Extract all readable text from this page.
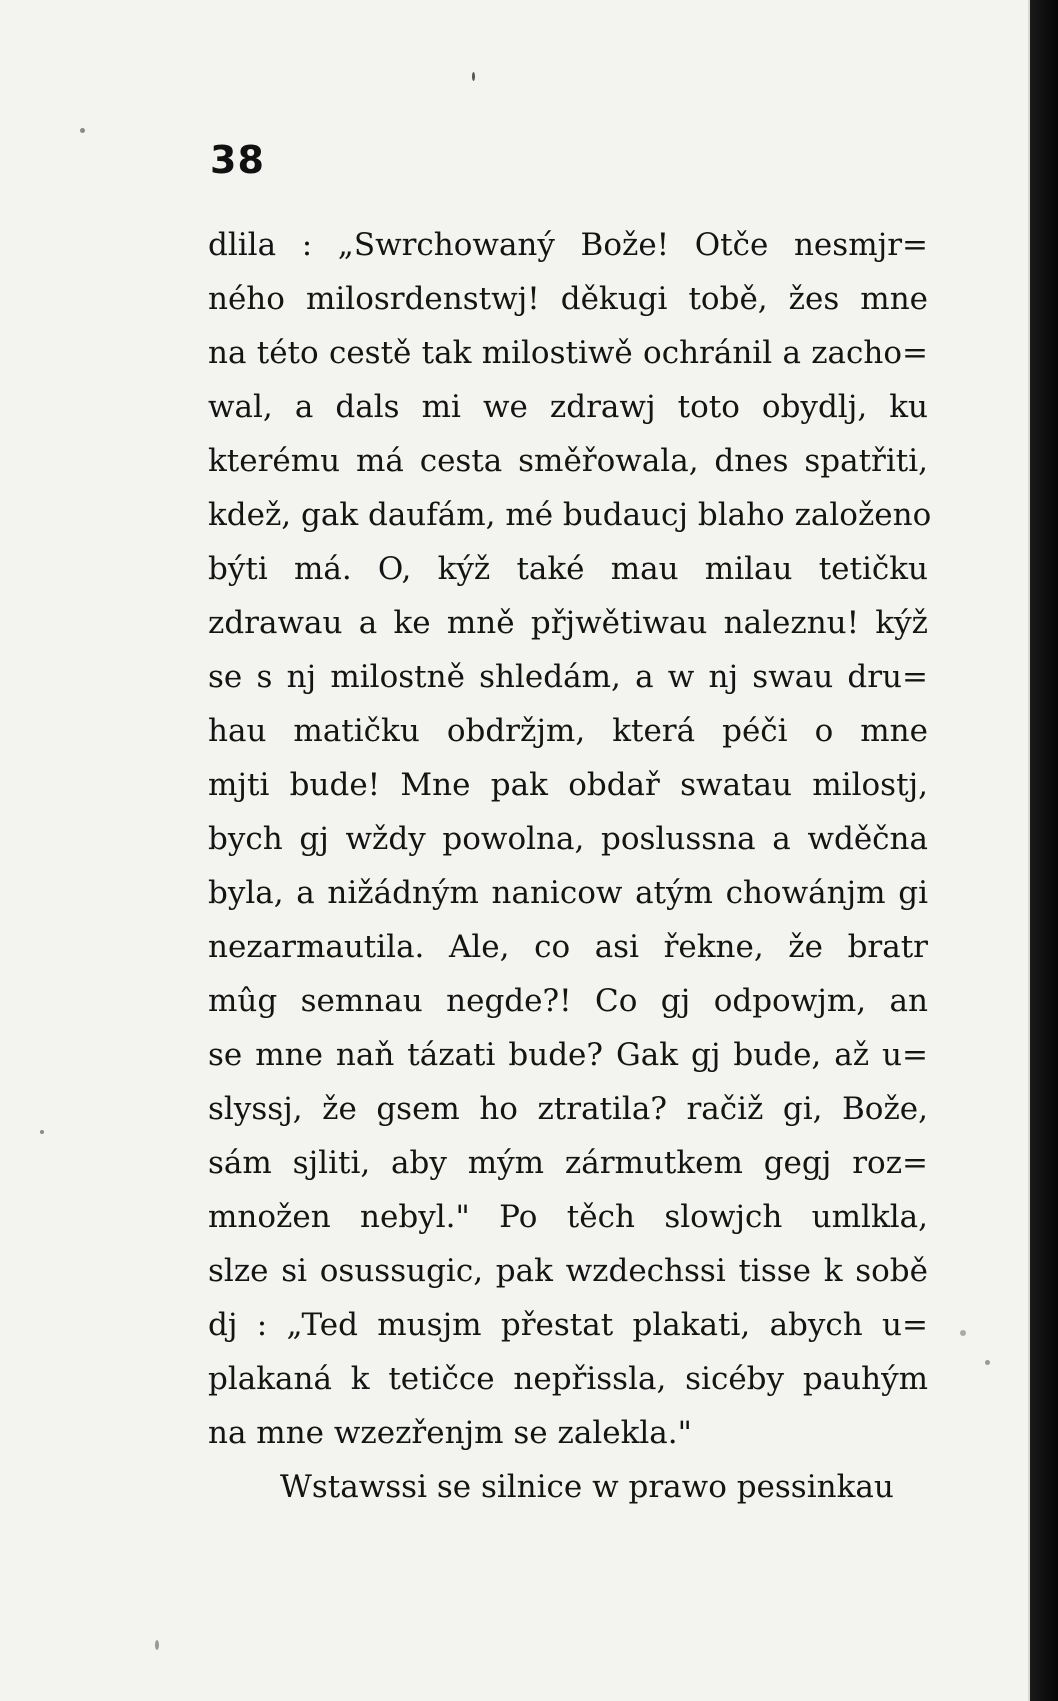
38
dlila : „Swrchowaný Bože! Otče nesmjr=
ného milosrdenstwj! děkugi tobě, žes mne
na této cestě tak milostiwě ochránil a zacho=
wal, a dals mi we zdrawj toto obydlj, ku
kterému má cesta směřowala, dnes spatřiti,
kdež, gak daufám, mé budaucj blaho založeno
býti má. O, kýž také mau milau tetičku
zdrawau a ke mně přjwětiwau naleznu! kýž
se s nj milostně shledám, a w nj swau dru=
hau matičku obdržjm, která péči o mne
mjti bude! Mne pak obdař swatau milostj,
bych gj wždy powolna, poslussna a wděčna
byla, a nižádným nanicow atým chowánjm gi
nezarmautila. Ale, co asi řekne, že bratr
mûg semnau negde?! Co gj odpowjm, an
se mne naň tázati bude? Gak gj bude, až u=
slyssj, že gsem ho ztratila? račiž gi, Bože,
sám sjliti, aby mým zármutkem gegj roz=
množen nebyl." Po těch slowjch umlkla,
slze si osussugic, pak wzdechssi tisse k sobě
dj : „Ted musjm přestat plakati, abych u=
plakaná k tetičce nepřissla, sicéby pauhým
na mne wzezřenjm se zalekla."
Wstawssi se silnice w prawo pessinkau
